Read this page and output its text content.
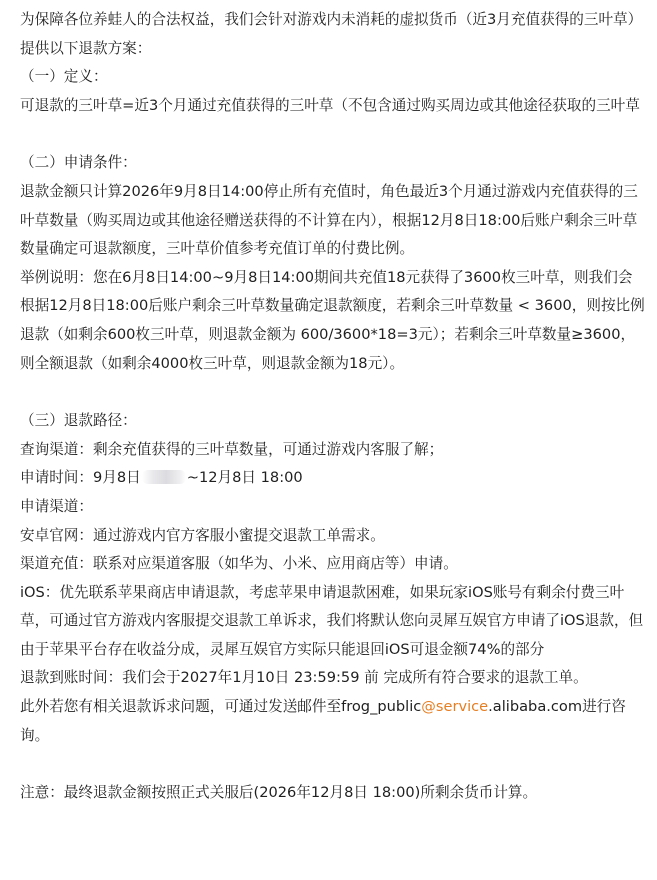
为保障各位养蛙人的合法权益，我们会针对游戏内未消耗的虚拟货币（近3月充值获得的三叶草）提供以下退款方案：

（一）定义：

可退款的三叶草=近3个月通过充值获得的三叶草（不包含通过购买周边或其他途径获取的三叶草

（二）申请条件：

退款金额只计算2026年9月8日14:00停止所有充值时，角色最近3个月通过游戏内充值获得的三叶草数量（购买周边或其他途径赠送获得的不计算在内），根据12月8日18:00后账户剩余三叶草数量确定可退款额度，三叶草价值参考充值订单的付费比例。

举例说明：您在6月8日14:00~9月8日14:00期间共充值18元获得了3600枚三叶草，则我们会根据12月8日18:00后账户剩余三叶草数量确定退款额度，若剩余三叶草数量 < 3600，则按比例退款（如剩余600枚三叶草，则退款金额为 600/3600*18=3元）；若剩余三叶草数量≥3600，则全额退款（如剩余4000枚三叶草，则退款金额为18元）。

（三）退款路径：

查询渠道：剩余充值获得的三叶草数量，可通过游戏内客服了解；

申请时间：9月8日	~12月8日 18:00

申请渠道：

安卓官网：通过游戏内官方客服小蜜提交退款工单需求。

渠道充值：联系对应渠道客服（如华为、小米、应用商店等）申请。

iOS：优先联系苹果商店申请退款，考虑苹果申请退款困难，如果玩家iOS账号有剩余付费三叶草，可通过官方游戏内客服提交退款工单诉求，我们将默认您向灵犀互娱官方申请了iOS退款，但由于苹果平台存在收益分成，灵犀互娱官方实际只能退回iOS可退金额74%的部分

退款到账时间：我们会于2027年1月10日 23:59:59 前 完成所有符合要求的退款工单。

此外若您有相关退款诉求问题，可通过发送邮件至frog_public@service.alibaba.com进行咨询。

注意：最终退款金额按照正式关服后(2026年12月8日 18:00)所剩余货币计算。
